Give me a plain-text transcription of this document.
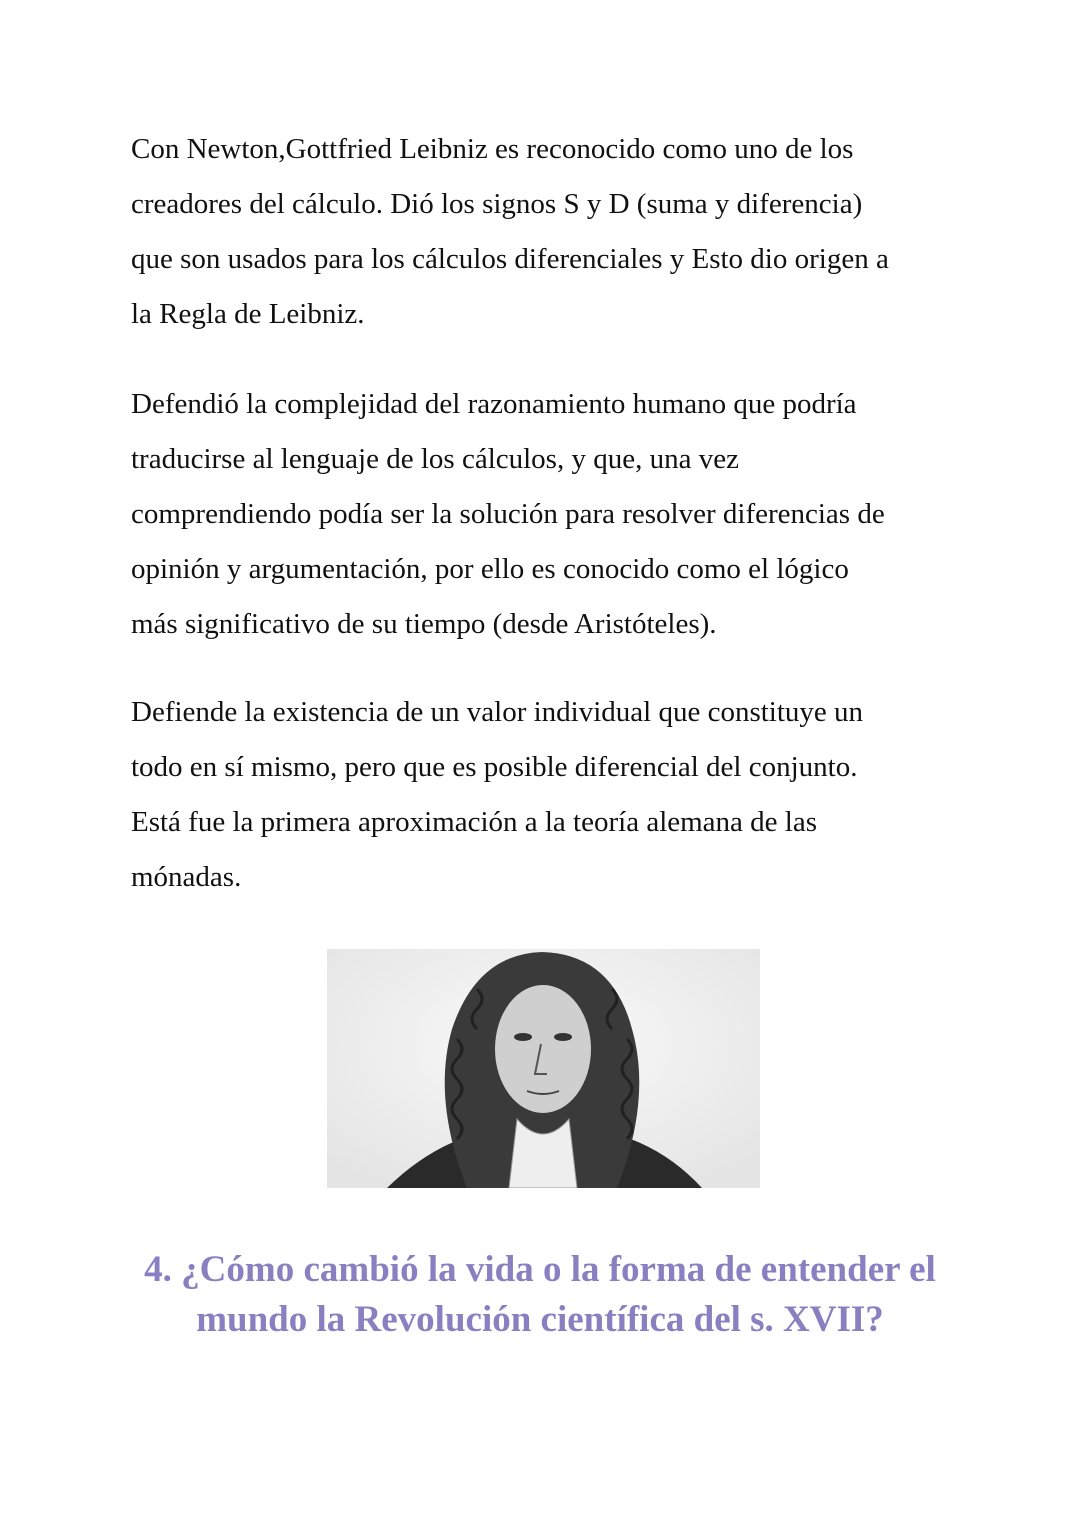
Con Newton,Gottfried Leibniz es reconocido como uno de los
creadores del cálculo. Dió los signos S y D (suma y diferencia)
que son usados para los cálculos diferenciales y Esto dio origen a
la Regla de Leibniz.
Defendió la complejidad del razonamiento humano que podría
traducirse al lenguaje de los cálculos, y que, una vez
comprendiendo podía ser la solución para resolver diferencias de
opinión y argumentación, por ello es conocido como el lógico
más significativo de su tiempo (desde Aristóteles).
Defiende la existencia de un valor individual que constituye un
todo en sí mismo, pero que es posible diferencial del conjunto.
Está fue la primera aproximación a la teoría alemana de las
mónadas.
4. ¿Cómo cambió la vida o la forma de entender el
mundo la Revolución científica del s. XVII?
